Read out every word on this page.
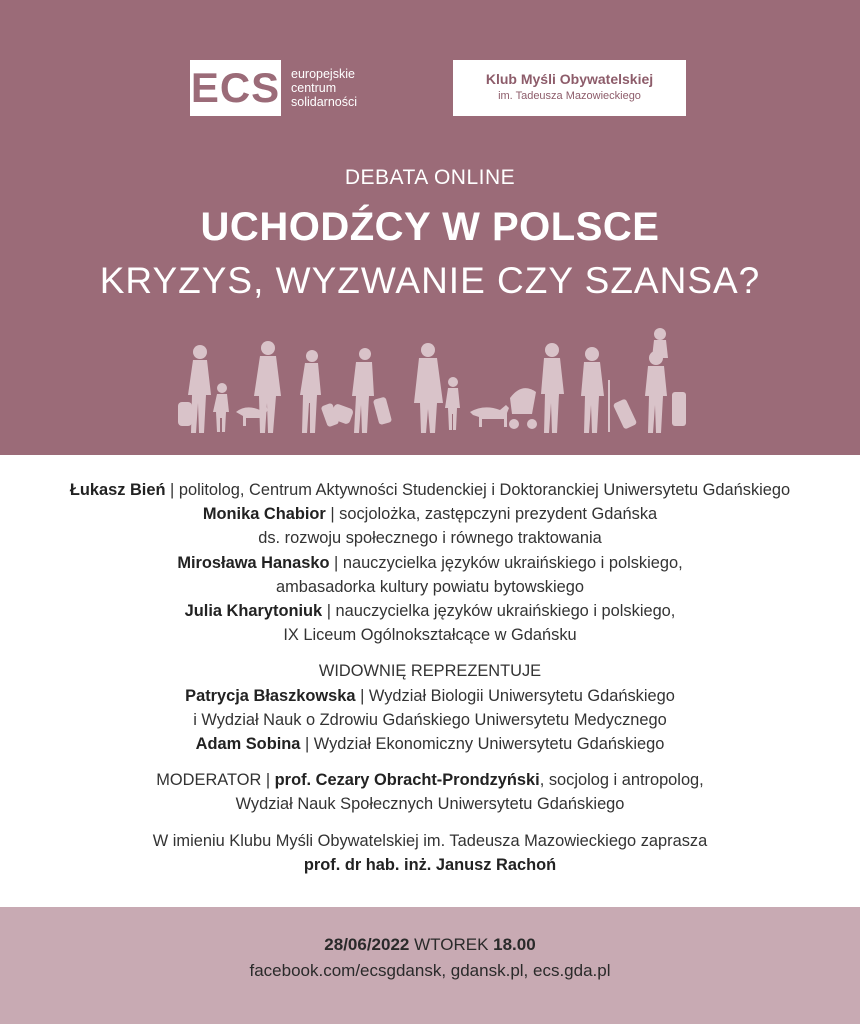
ECS europejskie
centrum
solidarności
Klub Myśli Obywatelskiej
im. Tadeusza Mazowieckiego
DEBATA ONLINE
UCHODŹCY W POLSCE
KRYZYS, WYZWANIE CZY SZANSA?
Łukasz Bień | politolog, Centrum Aktywności Studenckiej i Doktoranckiej Uniwersytetu Gdańskiego
Monika Chabior | socjolożka, zastępczyni prezydent Gdańska
ds. rozwoju społecznego i równego traktowania
Mirosława Hanasko | nauczycielka języków ukraińskiego i polskiego,
ambasadorka kultury powiatu bytowskiego
Julia Kharytoniuk | nauczycielka języków ukraińskiego i polskiego,
IX Liceum Ogólnokształcące w Gdańsku
WIDOWNIĘ REPREZENTUJE
Patrycja Błaszkowska | Wydział Biologii Uniwersytetu Gdańskiego
i Wydział Nauk o Zdrowiu Gdańskiego Uniwersytetu Medycznego
Adam Sobina | Wydział Ekonomiczny Uniwersytetu Gdańskiego
MODERATOR | prof. Cezary Obracht-Prondzyński, socjolog i antropolog,
Wydział Nauk Społecznych Uniwersytetu Gdańskiego
W imieniu Klubu Myśli Obywatelskiej im. Tadeusza Mazowieckiego zaprasza
prof. dr hab. inż. Janusz Rachoń
28/06/2022 WTOREK 18.00
facebook.com/ecsgdansk, gdansk.pl, ecs.gda.pl
